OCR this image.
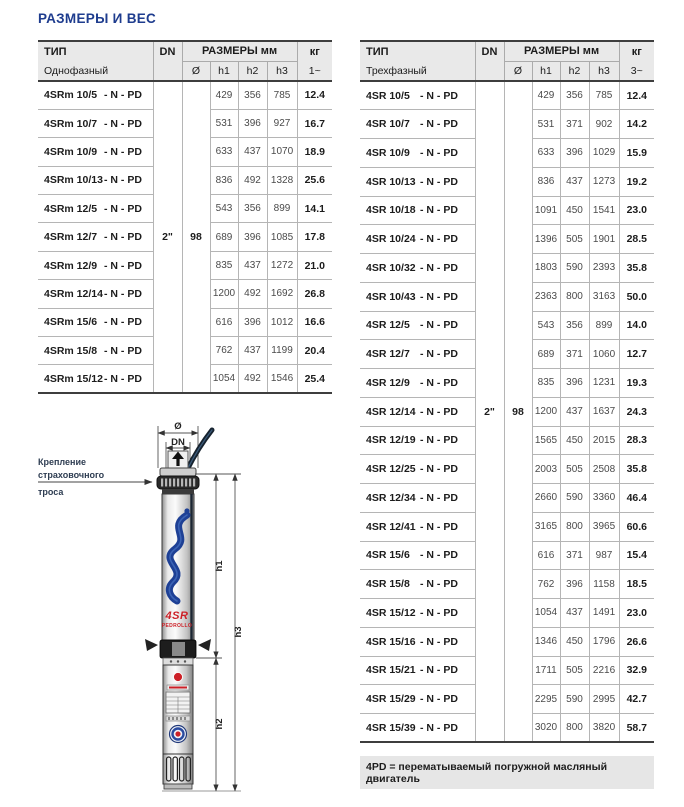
РАЗМЕРЫ И ВЕС
ТИП	DN	РАЗМЕРЫ мм				кг
Однофазный		Ø	h1	h2	h3	1~
4SRm 10/5 - N - PD	2"	98	429	356	785	12.4
4SRm 10/7 - N - PD			531	396	927	16.7
4SRm 10/9 - N - PD			633	437	1070	18.9
4SRm 10/13- N - PD			836	492	1328	25.6
4SRm 12/5 - N - PD			543	356	899	14.1
4SRm 12/7 - N - PD			689	396	1085	17.8
4SRm 12/9 - N - PD			835	437	1272	21.0
4SRm 12/14- N - PD			1200	492	1692	26.8
4SRm 15/6 - N - PD			616	396	1012	16.6
4SRm 15/8 - N - PD			762	437	1199	20.4
4SRm 15/12- N - PD			1054	492	1546	25.4
ТИП	DN	РАЗМЕРЫ мм				кг
Трехфазный		Ø	h1	h2	h3	3~
4SR 10/5 - N - PD	2"	98	429	356	785	12.4
4SR 10/7 - N - PD			531	371	902	14.2
4SR 10/9 - N - PD			633	396	1029	15.9
4SR 10/13 - N - PD			836	437	1273	19.2
4SR 10/18 - N - PD			1091	450	1541	23.0
4SR 10/24 - N - PD			1396	505	1901	28.5
4SR 10/32 - N - PD			1803	590	2393	35.8
4SR 10/43 - N - PD			2363	800	3163	50.0
4SR 12/5 - N - PD			543	356	899	14.0
4SR 12/7 - N - PD			689	371	1060	12.7
4SR 12/9 - N - PD			835	396	1231	19.3
4SR 12/14 - N - PD			1200	437	1637	24.3
4SR 12/19 - N - PD			1565	450	2015	28.3
4SR 12/25 - N - PD			2003	505	2508	35.8
4SR 12/34 - N - PD			2660	590	3360	46.4
4SR 12/41 - N - PD			3165	800	3965	60.6
4SR 15/6 - N - PD			616	371	987	15.4
4SR 15/8 - N - PD			762	396	1158	18.5
4SR 15/12 - N - PD			1054	437	1491	23.0
4SR 15/16 - N - PD			1346	450	1796	26.6
4SR 15/21 - N - PD			1711	505	2216	32.9
4SR 15/29 - N - PD			2295	590	2995	42.7
4SR 15/39 - N - PD			3020	800	3820	58.7
4PD = перематываемый погружной масляный двигатель
Крепление
страховочного
троса
Ø
DN
4SR
PEDROLLO
h1
h2
h3
